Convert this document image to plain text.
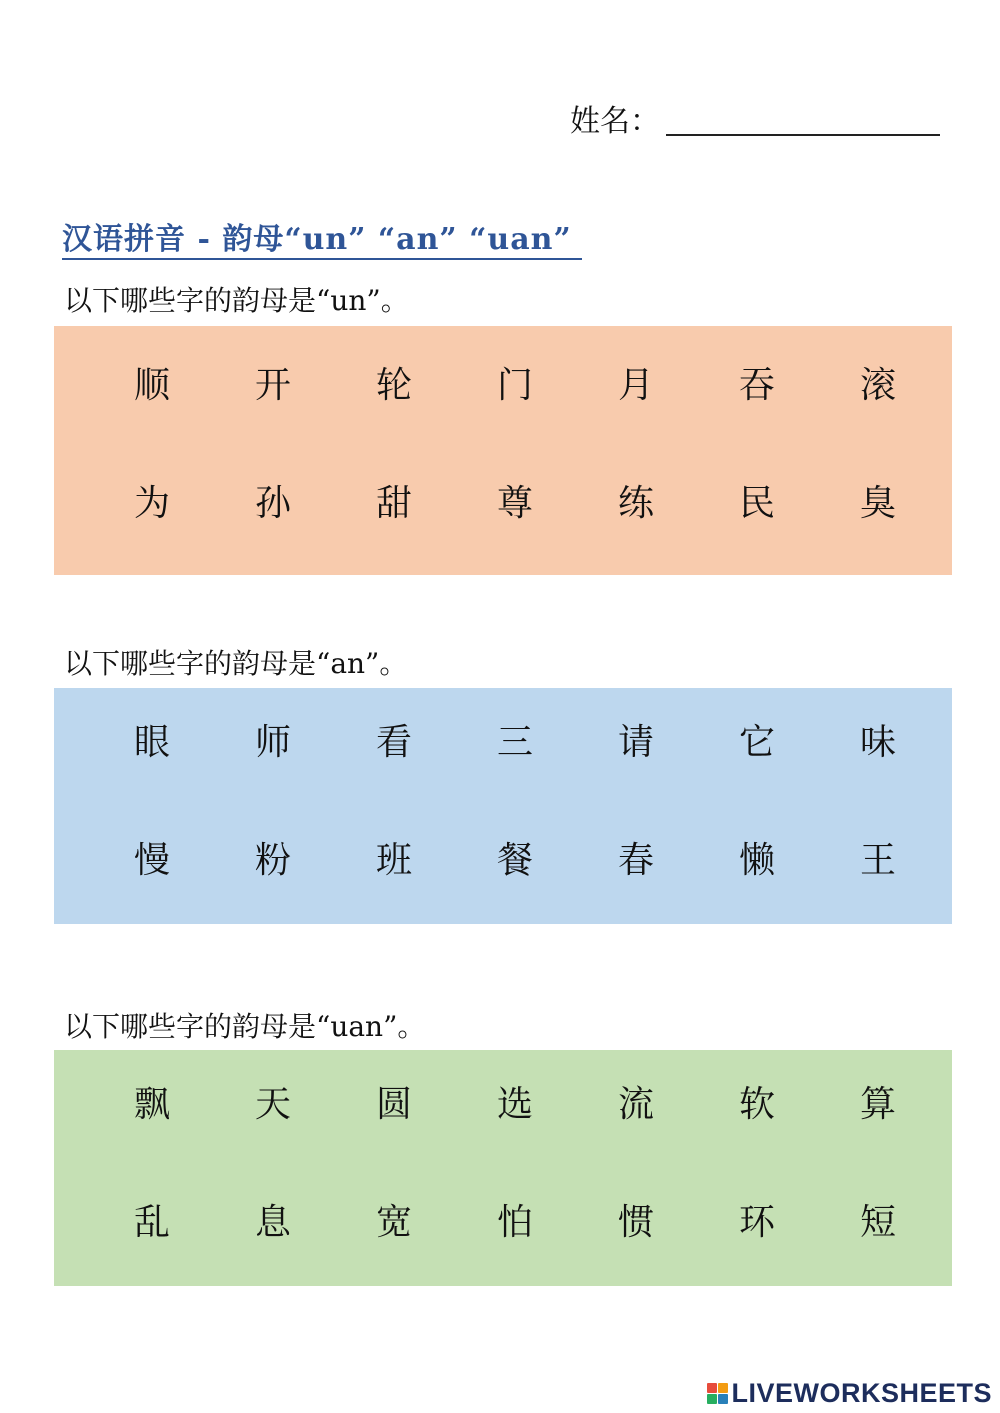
姓名：
汉语拼音 - 韵母“un” “an” “uan”
以下哪些字的韵母是“un”。
顺	开	轮	门	月	吞	滚
为	孙	甜	尊	练	民	臭
以下哪些字的韵母是“an”。
眼	师	看	三	请	它	味
慢	粉	班	餐	春	懒	王
以下哪些字的韵母是“uan”。
飘	天	圆	选	流	软	算
乱	息	宽	怕	惯	环	短
LIVEWORKSHEETS
